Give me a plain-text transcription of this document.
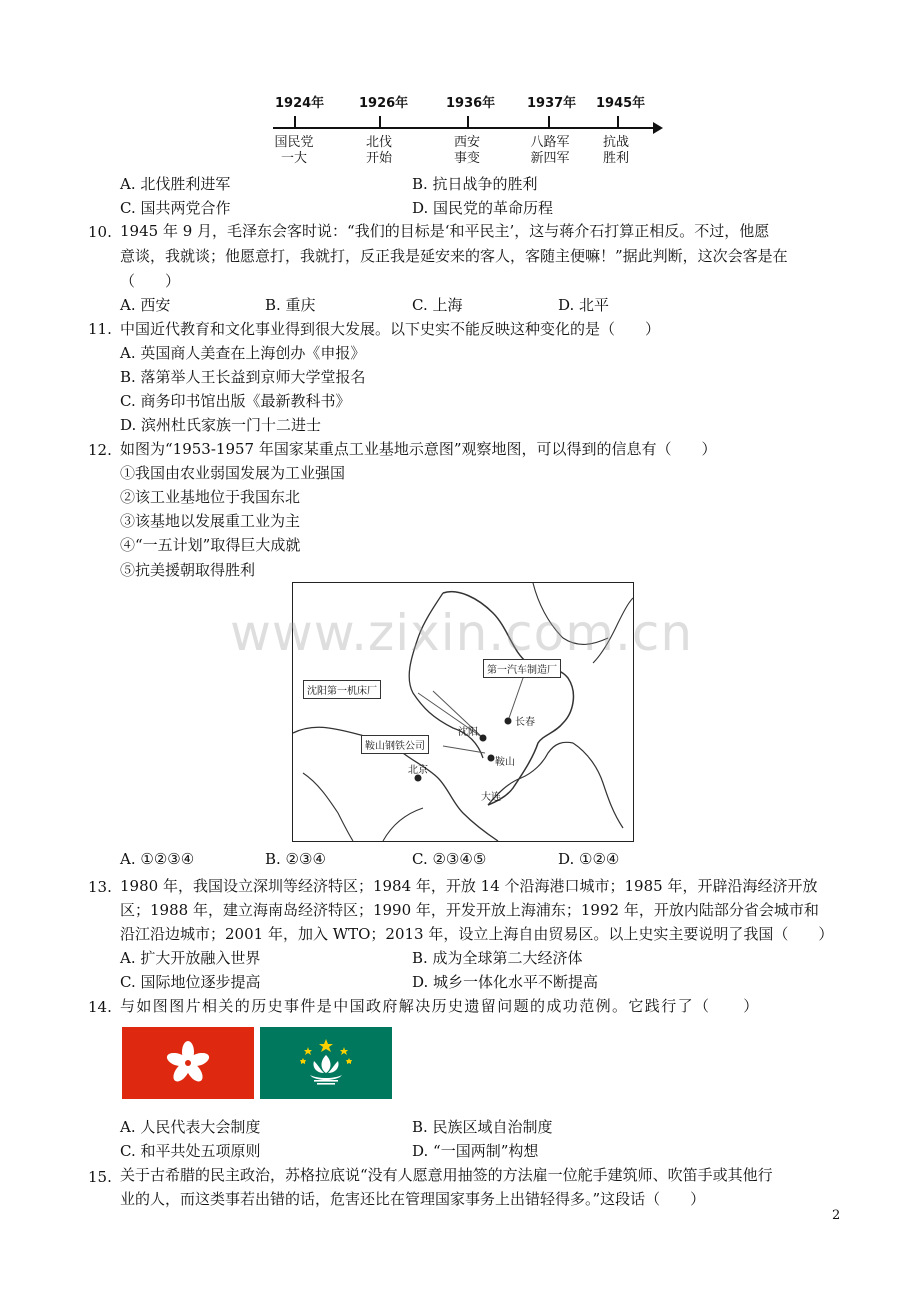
1924年	1926年	1936年 1937年 1945年
国民党
一大
北伐
开始
西安
事变
八路军
新四军
抗战
胜利
A. 北伐胜利进军	B. 抗日战争的胜利
C. 国共两党合作	D. 国民党的革命历程
10. 1945 年 9 月，毛泽东会客时说：“我们的目标是‘和平民主’，这与蒋介石打算正相反。不过，他愿
意谈，我就谈；他愿意打，我就打，反正我是延安来的客人，客随主便嘛！”据此判断，这次会客是在
（　　）
A. 西安	B. 重庆	C. 上海	D. 北平
11. 中国近代教育和文化事业得到很大发展。以下史实不能反映这种变化的是（　　）
A. 英国商人美查在上海创办《申报》
B. 落第举人王长益到京师大学堂报名
C. 商务印书馆出版《最新教科书》
D. 滨州杜氏家族一门十二进士
12. 如图为“1953-1957 年国家某重点工业基地示意图”观察地图，可以得到的信息有（　　）
①我国由农业弱国发展为工业强国
②该工业基地位于我国东北
③该基地以发展重工业为主
④“一五计划”取得巨大成就
⑤抗美援朝取得胜利
第一汽车制造厂
沈阳第一机床厂
鞍山钢铁公司
沈阳
长春
北京
鞍山
大连
www.zixin.com.cn
A. ①②③④	B. ②③④	C. ②③④⑤	D. ①②④
13. 1980 年，我国设立深圳等经济特区；1984 年，开放 14 个沿海港口城市；1985 年，开辟沿海经济开放
区；1988 年，建立海南岛经济特区；1990 年，开发开放上海浦东；1992 年，开放内陆部分省会城市和
沿江沿边城市；2001 年，加入 WTO；2013 年，设立上海自由贸易区。以上史实主要说明了我国（　　）
A. 扩大开放融入世界	B. 成为全球第二大经济体
C. 国际地位逐步提高	D. 城乡一体化水平不断提高
14. 与如图图片相关的历史事件是中国政府解决历史遗留问题的成功范例。它践行了（　　）
A. 人民代表大会制度	B. 民族区域自治制度
C. 和平共处五项原则	D. “一国两制”构想
15. 关于古希腊的民主政治，苏格拉底说“没有人愿意用抽签的方法雇一位舵手建筑师、吹笛手或其他行
业的人，而这类事若出错的话，危害还比在管理国家事务上出错轻得多。”这段话（　　）
2
